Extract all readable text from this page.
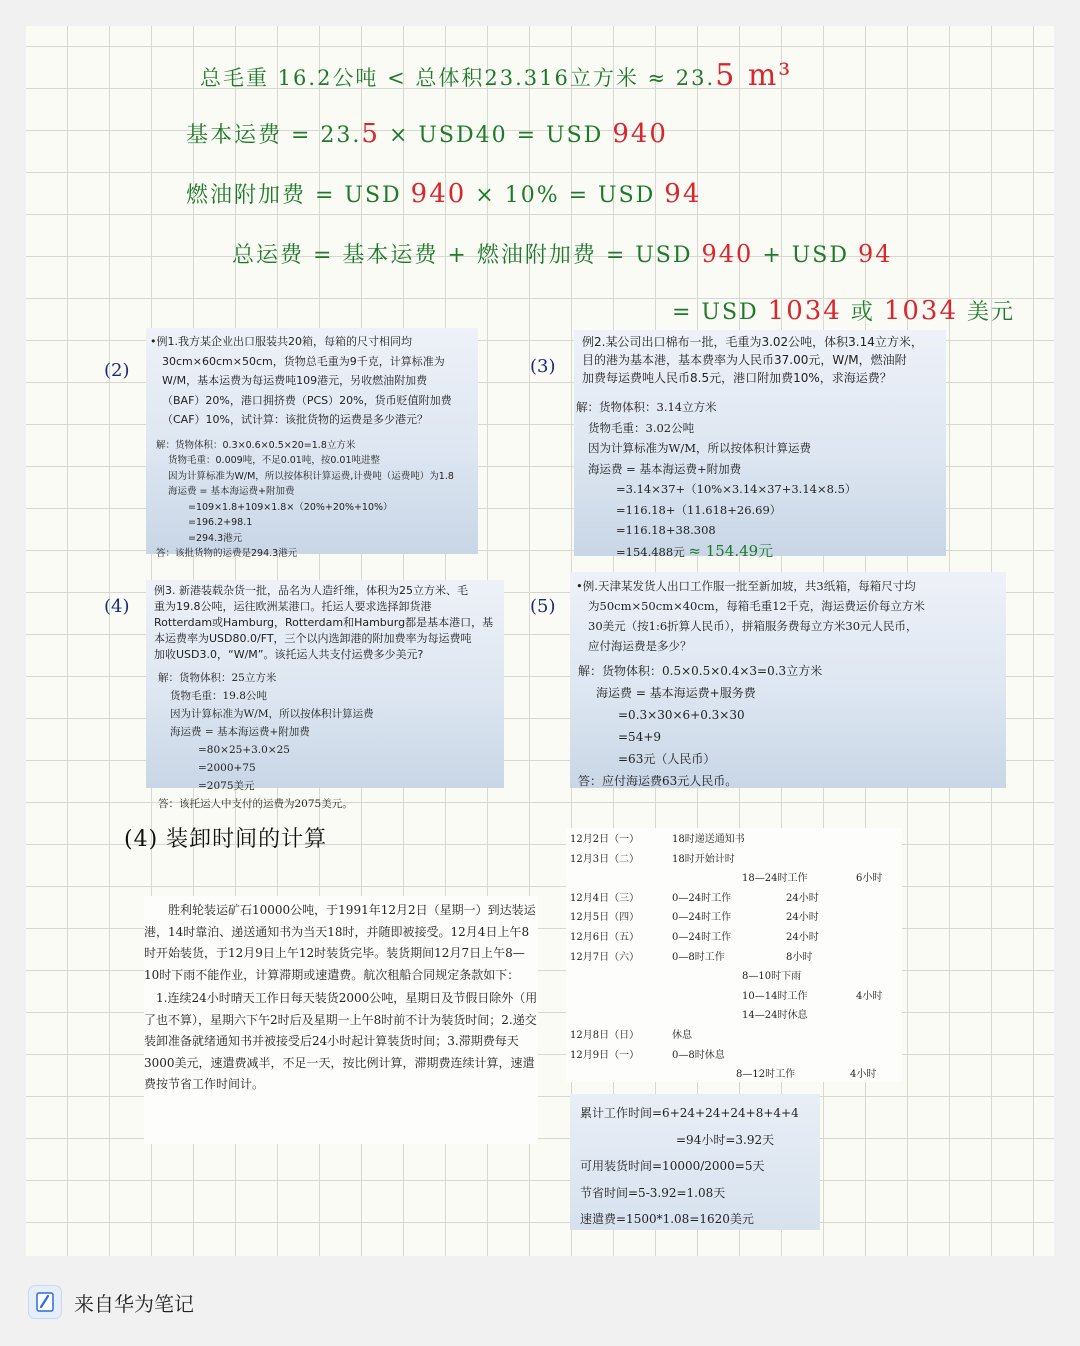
总毛重 16.2公吨 < 总体积23.316立方米 ≈ 23.5 m³
基本运费 = 23.5 × USD40 = USD 940
燃油附加费 = USD 940 × 10% = USD 94
总运费 = 基本运费 + 燃油附加费 = USD 940 + USD 94
= USD 1034 或 1034 美元
(2)	(3)
(4)	(5)

•例1.我方某企业出口服装共20箱，每箱的尺寸相同均

30cm×60cm×50cm，货物总毛重为9千克，计算标准为

W/M，基本运费为每运费吨109港元，另收燃油附加费

（BAF）20%，港口拥挤费（PCS）20%，货币贬值附加费

（CAF）10%，试计算：该批货物的运费是多少港元？

解：货物体积：0.3×0.6×0.5×20=1.8立方米

货物毛重：0.009吨，不足0.01吨，按0.01吨进整

因为计算标准为W/M，所以按体积计算运费,计费吨（运费吨）为1.8

海运费 = 基本海运费+附加费

=109×1.8+109×1.8×（20%+20%+10%）

=196.2+98.1

=294.3港元

答：该批货物的运费是294.3港元

例2.某公司出口棉布一批，毛重为3.02公吨，体积3.14立方米，

目的港为基本港，基本费率为人民币37.00元，W/M，燃油附

加费每运费吨人民币8.5元，港口附加费10%，求海运费？

解：货物体积：3.14立方米

货物毛重：3.02公吨

因为计算标准为W/M，所以按体积计算运费

海运费 = 基本海运费+附加费

=3.14×37+（10%×3.14×37+3.14×8.5）

=116.18+（11.618+26.69）

=116.18+38.308

=154.488元 ≈ 154.49元

例3. 新港装载杂货一批，品名为人造纤维，体积为25立方米、毛

重为19.8公吨，运往欧洲某港口。托运人要求选择卸货港

Rotterdam或Hamburg，Rotterdam和Hamburg都是基本港口，基

本运费率为USD80.0/FT，三个以内选卸港的附加费率为每运费吨

加收USD3.0，“W/M”。该托运人共支付运费多少美元?

解：货物体积：25立方米

货物毛重：19.8公吨

因为计算标准为W/M，所以按体积计算运费

海运费 = 基本海运费+附加费

=80×25+3.0×25

=2000+75

=2075美元

答：该托运人中支付的运费为2075美元。

•例.天津某发货人出口工作服一批至新加坡，共3纸箱，每箱尺寸均

为50cm×50cm×40cm，每箱毛重12千克，海运费运价每立方米

30美元（按1:6折算人民币），拼箱服务费每立方米30元人民币，

应付海运费是多少？

解：货物体积：0.5×0.5×0.4×3=0.3立方米

海运费 = 基本海运费+服务费

=0.3×30×6+0.3×30

=54+9

=63元（人民币）

答：应付海运费63元人民币。

(4) 装卸时间的计算

胜利轮装运矿石10000公吨，于1991年12月2日（星期一）到达装运港，14时靠泊、递送通知书为当天18时，并随即被接受。12月4日上午8时开始装货，于12月9日上午12时装货完毕。装货期间12月7日上午8—10时下雨不能作业，计算滞期或速遣费。航次租船合同规定条款如下：

1.连续24小时晴天工作日每天装货2000公吨，星期日及节假日除外（用了也不算），星期六下午2时后及星期一上午8时前不计为装货时间；2.递交装卸准备就绪通知书并被接受后24小时起计算装货时间；3.滞期费每天3000美元，速遣费减半，不足一天，按比例计算，滞期费连续计算，速遣费按节省工作时间计。

12月2日（一）	18时递送通知书
12月3日（二）	18时开始计时
18—24时工作	6小时
12月4日（三）	0—24时工作	24小时
12月5日（四）	0—24时工作	24小时
12月6日（五）	0—24时工作	24小时
12月7日（六）	0—8时工作	8小时
8—10时下雨
10—14时工作	4小时
14—24时休息
12月8日（日）	休息
12月9日（一）	0—8时休息
8—12时工作	4小时

累计工作时间=6+24+24+24+8+4+4

=94小时=3.92天

可用装货时间=10000/2000=5天

节省时间=5-3.92=1.08天

速遣费=1500*1.08=1620美元

来自华为笔记
